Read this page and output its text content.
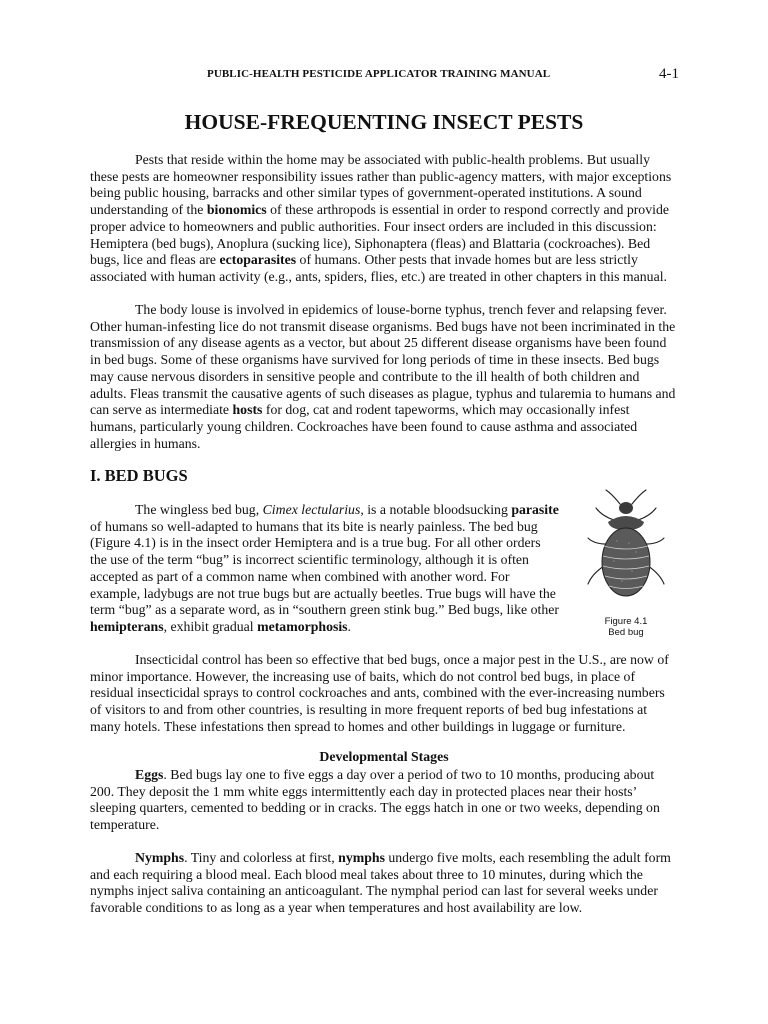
PUBLIC-HEALTH PESTICIDE APPLICATOR TRAINING MANUAL	4-1
HOUSE-FREQUENTING INSECT PESTS

Pests that reside within the home may be associated with public-health problems. But usually these pests are homeowner responsibility issues rather than public-agency matters, with major exceptions being public housing, barracks and other similar types of government-operated institutions. A sound understanding of the bionomics of these arthropods is essential in order to respond correctly and provide proper advice to homeowners and public authorities. Four insect orders are included in this discussion: Hemiptera (bed bugs), Anoplura (sucking lice), Siphonaptera (fleas) and Blattaria (cockroaches). Bed bugs, lice and fleas are ectoparasites of humans. Other pests that invade homes but are less strictly associated with human activity (e.g., ants, spiders, flies, etc.) are treated in other chapters in this manual.

The body louse is involved in epidemics of louse-borne typhus, trench fever and relapsing fever. Other human-infesting lice do not transmit disease organisms. Bed bugs have not been incriminated in the transmission of any disease agents as a vector, but about 25 different disease organisms have been found in bed bugs. Some of these organisms have survived for long periods of time in these insects. Bed bugs may cause nervous disorders in sensitive people and contribute to the ill health of both children and adults. Fleas transmit the causative agents of such diseases as plague, typhus and tularemia to humans and can serve as intermediate hosts for dog, cat and rodent tapeworms, which may occasionally infest humans, particularly young children. Cockroaches have been found to cause asthma and associated allergies in humans.

I. BED BUGS

The wingless bed bug, Cimex lectularius, is a notable bloodsucking parasite of humans so well-adapted to humans that its bite is nearly painless. The bed bug (Figure 4.1) is in the insect order Hemiptera and is a true bug. For all other orders the use of the term “bug” is incorrect scientific terminology, although it is often accepted as part of a common name when combined with another word. For example, ladybugs are not true bugs but are actually beetles. True bugs will have the term “bug” as a separate word, as in “southern green stink bug.” Bed bugs, like other hemipterans, exhibit gradual metamorphosis.	Figure 4.1
Bed bug

Insecticidal control has been so effective that bed bugs, once a major pest in the U.S., are now of minor importance. However, the increasing use of baits, which do not control bed bugs, in place of residual insecticidal sprays to control cockroaches and ants, combined with the ever-increasing numbers of visitors to and from other countries, is resulting in more frequent reports of bed bug infestations at many hotels. These infestations then spread to homes and other buildings in luggage or furniture.

Developmental Stages

Eggs. Bed bugs lay one to five eggs a day over a period of two to 10 months, producing about 200. They deposit the 1 mm white eggs intermittently each day in protected places near their hosts’ sleeping quarters, cemented to bedding or in cracks. The eggs hatch in one or two weeks, depending on temperature.

Nymphs. Tiny and colorless at first, nymphs undergo five molts, each resembling the adult form and each requiring a blood meal. Each blood meal takes about three to 10 minutes, during which the nymphs inject saliva containing an anticoagulant. The nymphal period can last for several weeks under favorable conditions to as long as a year when temperatures and host availability are low.
